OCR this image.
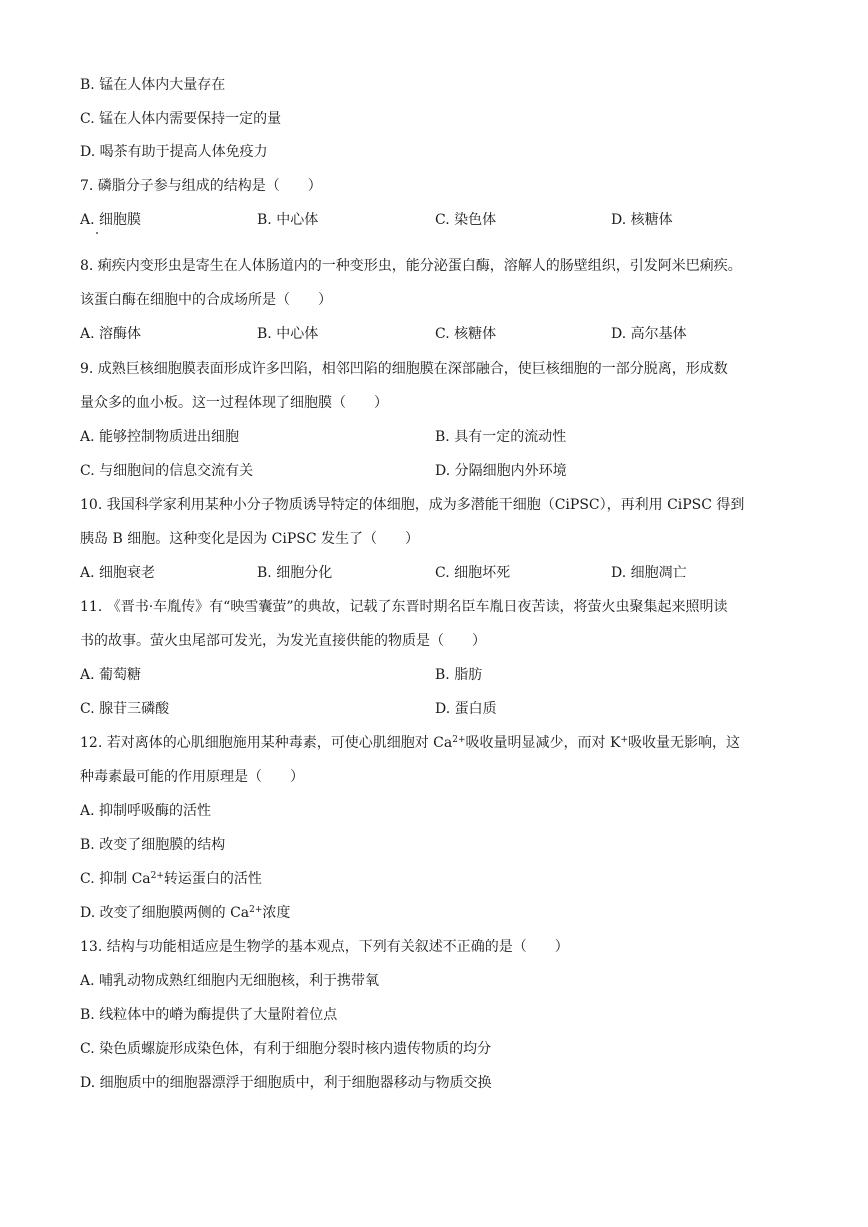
B. 锰在人体内大量存在
C. 锰在人体内需要保持一定的量
D. 喝茶有助于提高人体免疫力
7. 磷脂分子参与组成的结构是（　　）
A. 细胞膜	B. 中心体	C. 染色体	D. 核糖体
8. 痢疾内变形虫是寄生在人体肠道内的一种变形虫，能分泌蛋白酶，溶解人的肠壁组织，引发阿米巴痢疾。
该蛋白酶在细胞中的合成场所是（　　）
A. 溶酶体	B. 中心体	C. 核糖体	D. 高尔基体
9. 成熟巨核细胞膜表面形成许多凹陷，相邻凹陷的细胞膜在深部融合，使巨核细胞的一部分脱离，形成数
量众多的血小板。这一过程体现了细胞膜（　　）
A. 能够控制物质进出细胞	B. 具有一定的流动性
C. 与细胞间的信息交流有关	D. 分隔细胞内外环境
10. 我国科学家利用某种小分子物质诱导特定的体细胞，成为多潜能干细胞（CiPSC），再利用 CiPSC 得到
胰岛 B 细胞。这种变化是因为 CiPSC 发生了（　　）
A. 细胞衰老	B. 细胞分化	C. 细胞坏死	D. 细胞凋亡
11. 《晋书·车胤传》有“映雪囊萤”的典故，记载了东晋时期名臣车胤日夜苦读，将萤火虫聚集起来照明读
书的故事。萤火虫尾部可发光，为发光直接供能的物质是（　　）
A. 葡萄糖	B. 脂肪
C. 腺苷三磷酸	D. 蛋白质
12. 若对离体的心肌细胞施用某种毒素，可使心肌细胞对 $Ca^{2+}$吸收量明显减少，而对 K+吸收量无影响，这
种毒素最可能的作用原理是（　　）
A. 抑制呼吸酶的活性
B. 改变了细胞膜的结构
C. 抑制 $Ca^{2+}$转运蛋白的活性
D. 改变了细胞膜两侧的 $Ca^{2+}$浓度
13. 结构与功能相适应是生物学的基本观点，下列有关叙述不正确的是（　　）
A. 哺乳动物成熟红细胞内无细胞核，利于携带氧
B. 线粒体中的嵴为酶提供了大量附着位点
C. 染色质螺旋形成染色体，有利于细胞分裂时核内遗传物质的均分
D. 细胞质中的细胞器漂浮于细胞质中，利于细胞器移动与物质交换
